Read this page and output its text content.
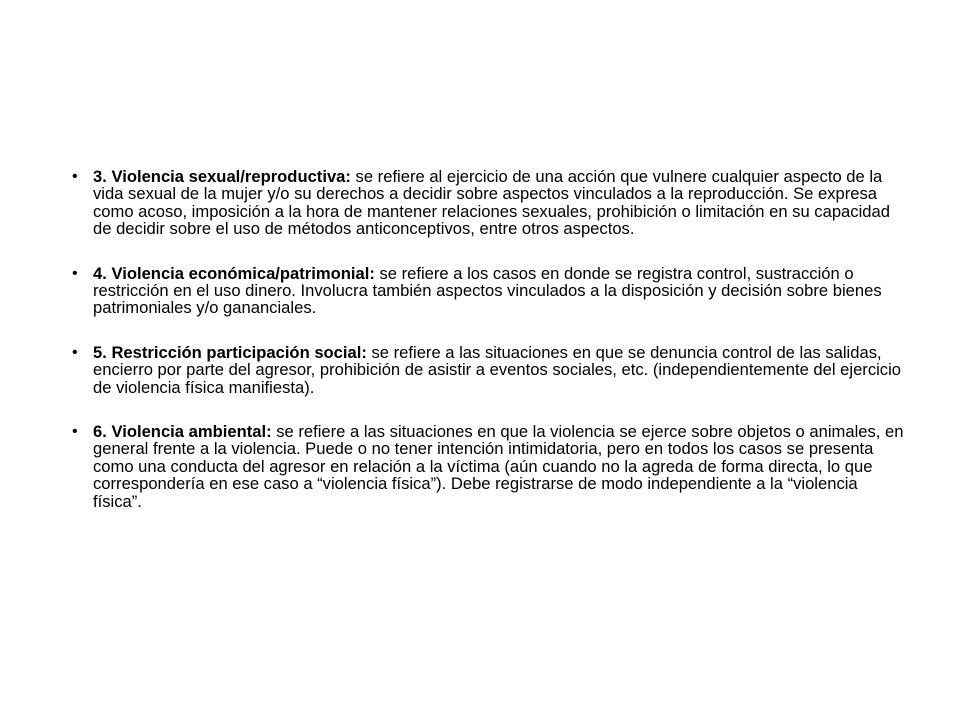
• 3. Violencia sexual/reproductiva: se refiere al ejercicio de una acción que vulnere cualquier aspecto de la vida sexual de la mujer y/o su derechos a decidir sobre aspectos vinculados a la reproducción. Se expresa como acoso, imposición a la hora de mantener relaciones sexuales, prohibición o limitación en su capacidad de decidir sobre el uso de métodos anticonceptivos, entre otros aspectos.
• 4. Violencia económica/patrimonial: se refiere a los casos en donde se registra control, sustracción o restricción en el uso dinero. Involucra también aspectos vinculados a la disposición y decisión sobre bienes patrimoniales y/o gananciales.
• 5. Restricción participación social: se refiere a las situaciones en que se denuncia control de las salidas, encierro por parte del agresor, prohibición de asistir a eventos sociales, etc. (independientemente del ejercicio de violencia física manifiesta).
• 6. Violencia ambiental: se refiere a las situaciones en que la violencia se ejerce sobre objetos o animales, en general frente a la violencia. Puede o no tener intención intimidatoria, pero en todos los casos se presenta como una conducta del agresor en relación a la víctima (aún cuando no la agreda de forma directa, lo que correspondería en ese caso a “violencia física”). Debe registrarse de modo independiente a la “violencia física”.
